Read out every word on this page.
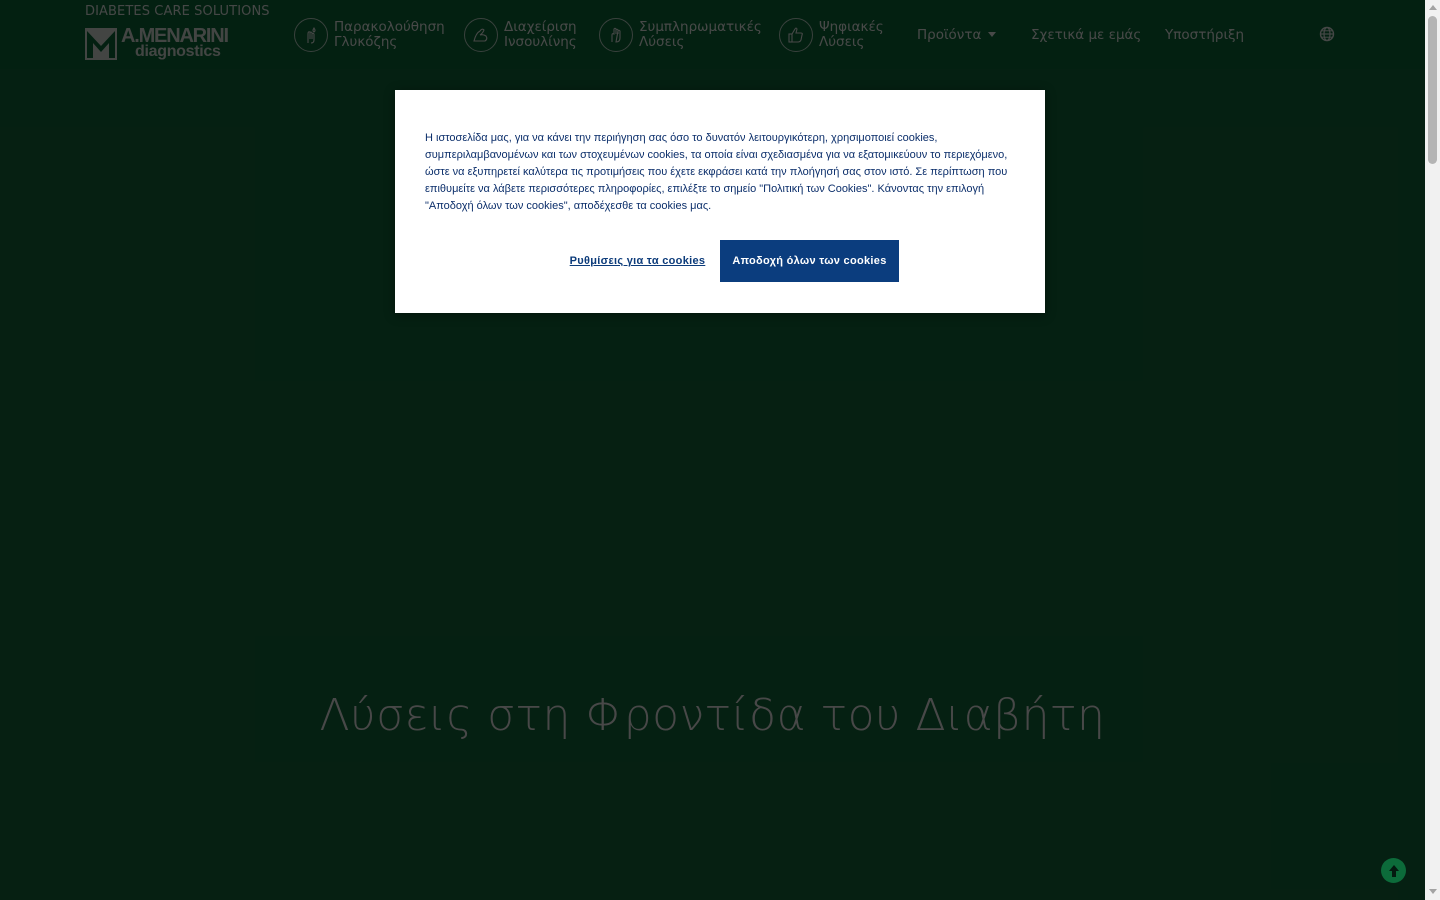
Η ιστοσελίδα μας, για να κάνει την περιήγηση σας όσο το δυνατόν λειτουργικότερη, χρησιμοποιεί cookies, συμπεριλαμβανομένων και των στοχευμένων cookies, τα οποία είναι σχεδιασμένα για να εξατομικεύουν το περιεχόμενο, ώστε να εξυπηρετεί καλύτερα τις προτιμήσεις που έχετε εκφράσει κατά την πλοήγησή σας στον ιστό. Σε περίπτωση που επιθυμείτε να λάβετε περισσότερες πληροφορίες, επιλέξτε το σημείο "Πολιτική των Cookies". Κάνοντας την επιλογή "Αποδοχή όλων των cookies", αποδέχεσθε τα cookies μας.

Ρυθμίσεις για τα cookies	Αποδοχή όλων των cookies
